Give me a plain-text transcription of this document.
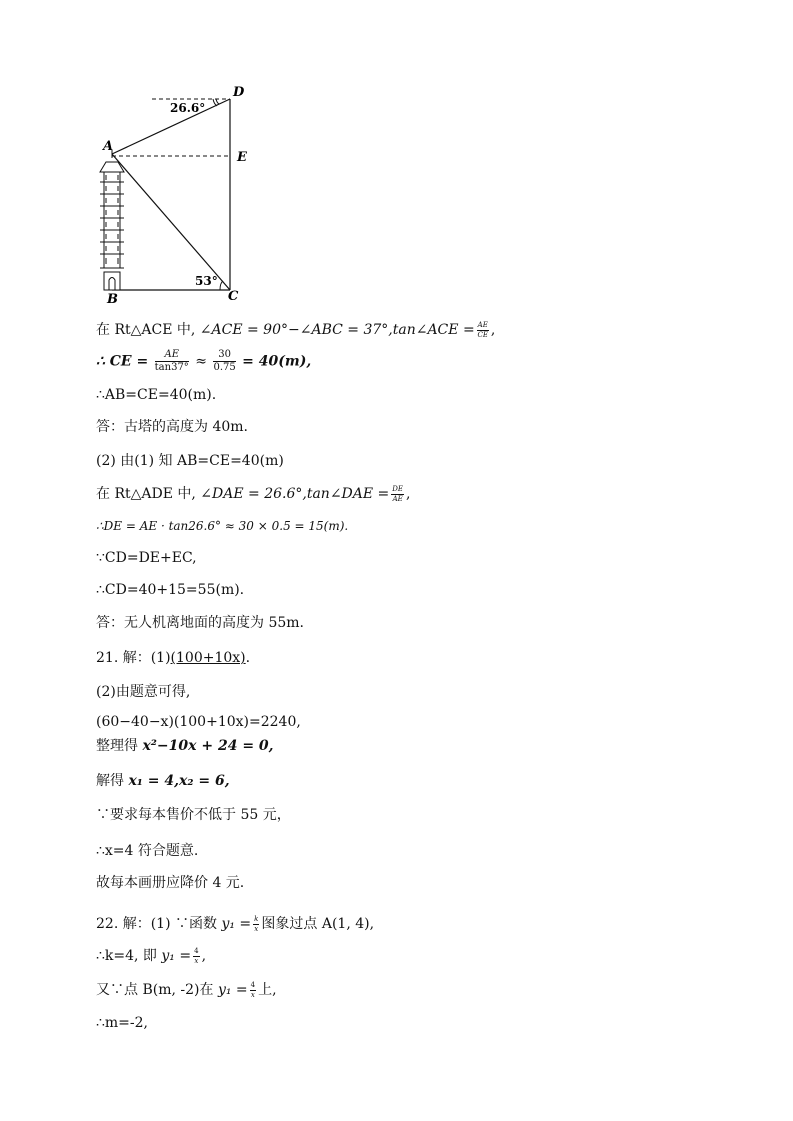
D
A
E
B	C
26.6°
53°
在 Rt△ACE 中, ∠ACE = 90°−∠ABC = 37°,tan∠ACE = $\frac{AE}{CE}$ ,
∴ CE = $\frac{AE}{\tan 37^\circ} \approx \frac{30}{0.75} = 40(m)$,
∴AB=CE=40(m).
答：古塔的高度为 40m.
(2) 由(1) 知 AB=CE=40(m)
在 Rt△ADE 中, ∠DAE = 26.6°,tan∠DAE = $\frac{DE}{AE}$ ,
∴DE = AE · tan26.6° ≈ 30 × 0.5 = 15(m).
∵CD=DE+EC,
∴CD=40+15=55(m).
答：无人机离地面的高度为 55m.
21. 解：(1)(100+10x).
(2)由题意可得,
(60−40−x)(100+10x)=2240,
整理得 x²−10x + 24 = 0,
解得 x₁ = 4,x₂ = 6,
∵要求每本售价不低于 55 元，
∴x=4 符合题意.
故每本画册应降价 4 元.
22. 解：(1) ∵函数 $y_1 = \frac{k}{x}$ 图象过点 A(1, 4),
∴k=4, 即 $y_1 = \frac{4}{x}$ ,
又∵点 B(m, -2)在 $y_1 = \frac{4}{x}$ 上,
∴m=-2,
